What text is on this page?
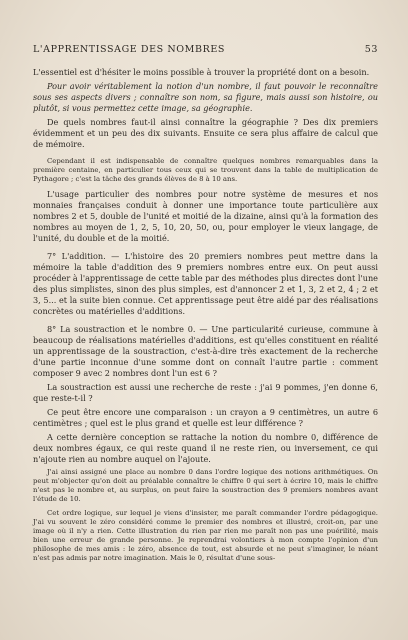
L'APPRENTISSAGE DES NOMBRES	53

L'essentiel est d'hésiter le moins possible à trouver la propriété dont on a besoin.

Pour avoir véritablement la notion d'un nombre, il faut pouvoir le reconnaître sous ses aspects divers ; connaître son nom, sa figure, mais aussi son histoire, ou plutôt, si vous permettez cette image, sa géographie.

De quels nombres faut-il ainsi connaître la géographie ? Des dix premiers évidemment et un peu des dix suivants. Ensuite ce sera plus affaire de calcul que de mémoire.

Cependant il est indispensable de connaître quelques nombres remarquables dans la première centaine, en particulier tous ceux qui se trouvent dans la table de multiplication de Pythagore ; c'est la tâche des grands élèves de 8 à 10 ans.

L'usage particulier des nombres pour notre système de mesures et nos monnaies françaises conduit à donner une importance toute particulière aux nombres 2 et 5, double de l'unité et moitié de la dizaine, ainsi qu'à la formation des nombres au moyen de 1, 2, 5, 10, 20, 50, ou, pour employer le vieux langage, de l'unité, du double et de la moitié.

7° L'addition. — L'histoire des 20 premiers nombres peut mettre dans la mémoire la table d'addition des 9 premiers nombres entre eux. On peut aussi procéder à l'apprentissage de cette table par des méthodes plus directes dont l'une des plus simplistes, sinon des plus simples, est d'annoncer 2 et 1, 3, 2 et 2, 4 ; 2 et 3, 5... et la suite bien connue. Cet apprentissage peut être aidé par des réalisations concrètes ou matérielles d'additions.

8° La soustraction et le nombre 0. — Une particularité curieuse, commune à beaucoup de réalisations matérielles d'additions, est qu'elles constituent en réalité un apprentissage de la soustraction, c'est-à-dire très exactement de la recherche d'une partie inconnue d'une somme dont on connaît l'autre partie : comment composer 9 avec 2 nombres dont l'un est 6 ?

La soustraction est aussi une recherche de reste : j'ai 9 pommes, j'en donne 6, que reste-t-il ?

Ce peut être encore une comparaison : un crayon a 9 centimètres, un autre 6 centimètres ; quel est le plus grand et quelle est leur différence ?

A cette dernière conception se rattache la notion du nombre 0, différence de deux nombres égaux, ce qui reste quand il ne reste rien, ou inversement, ce qui n'ajoute rien au nombre auquel on l'ajoute.

J'ai ainsi assigné une place au nombre 0 dans l'ordre logique des notions arithmétiques. On peut m'objecter qu'on doit au préalable connaître le chiffre 0 qui sert à écrire 10, mais le chiffre n'est pas le nombre et, au surplus, on peut faire la soustraction des 9 premiers nombres avant l'étude de 10.

Cet ordre logique, sur lequel je viens d'insister, me paraît commander l'ordre pédagogique. J'ai vu souvent le zéro considéré comme le premier des nombres et illustré, croit-on, par une image où il n'y a rien. Cette illustration du rien par rien me paraît non pas une puérilité, mais bien une erreur de grande personne. Je reprendrai volontiers à mon compte l'opinion d'un philosophe de mes amis : le zéro, absence de tout, est absurde et ne peut s'imaginer, le néant n'est pas admis par notre imagination. Mais le 0, résultat d'une sous-
